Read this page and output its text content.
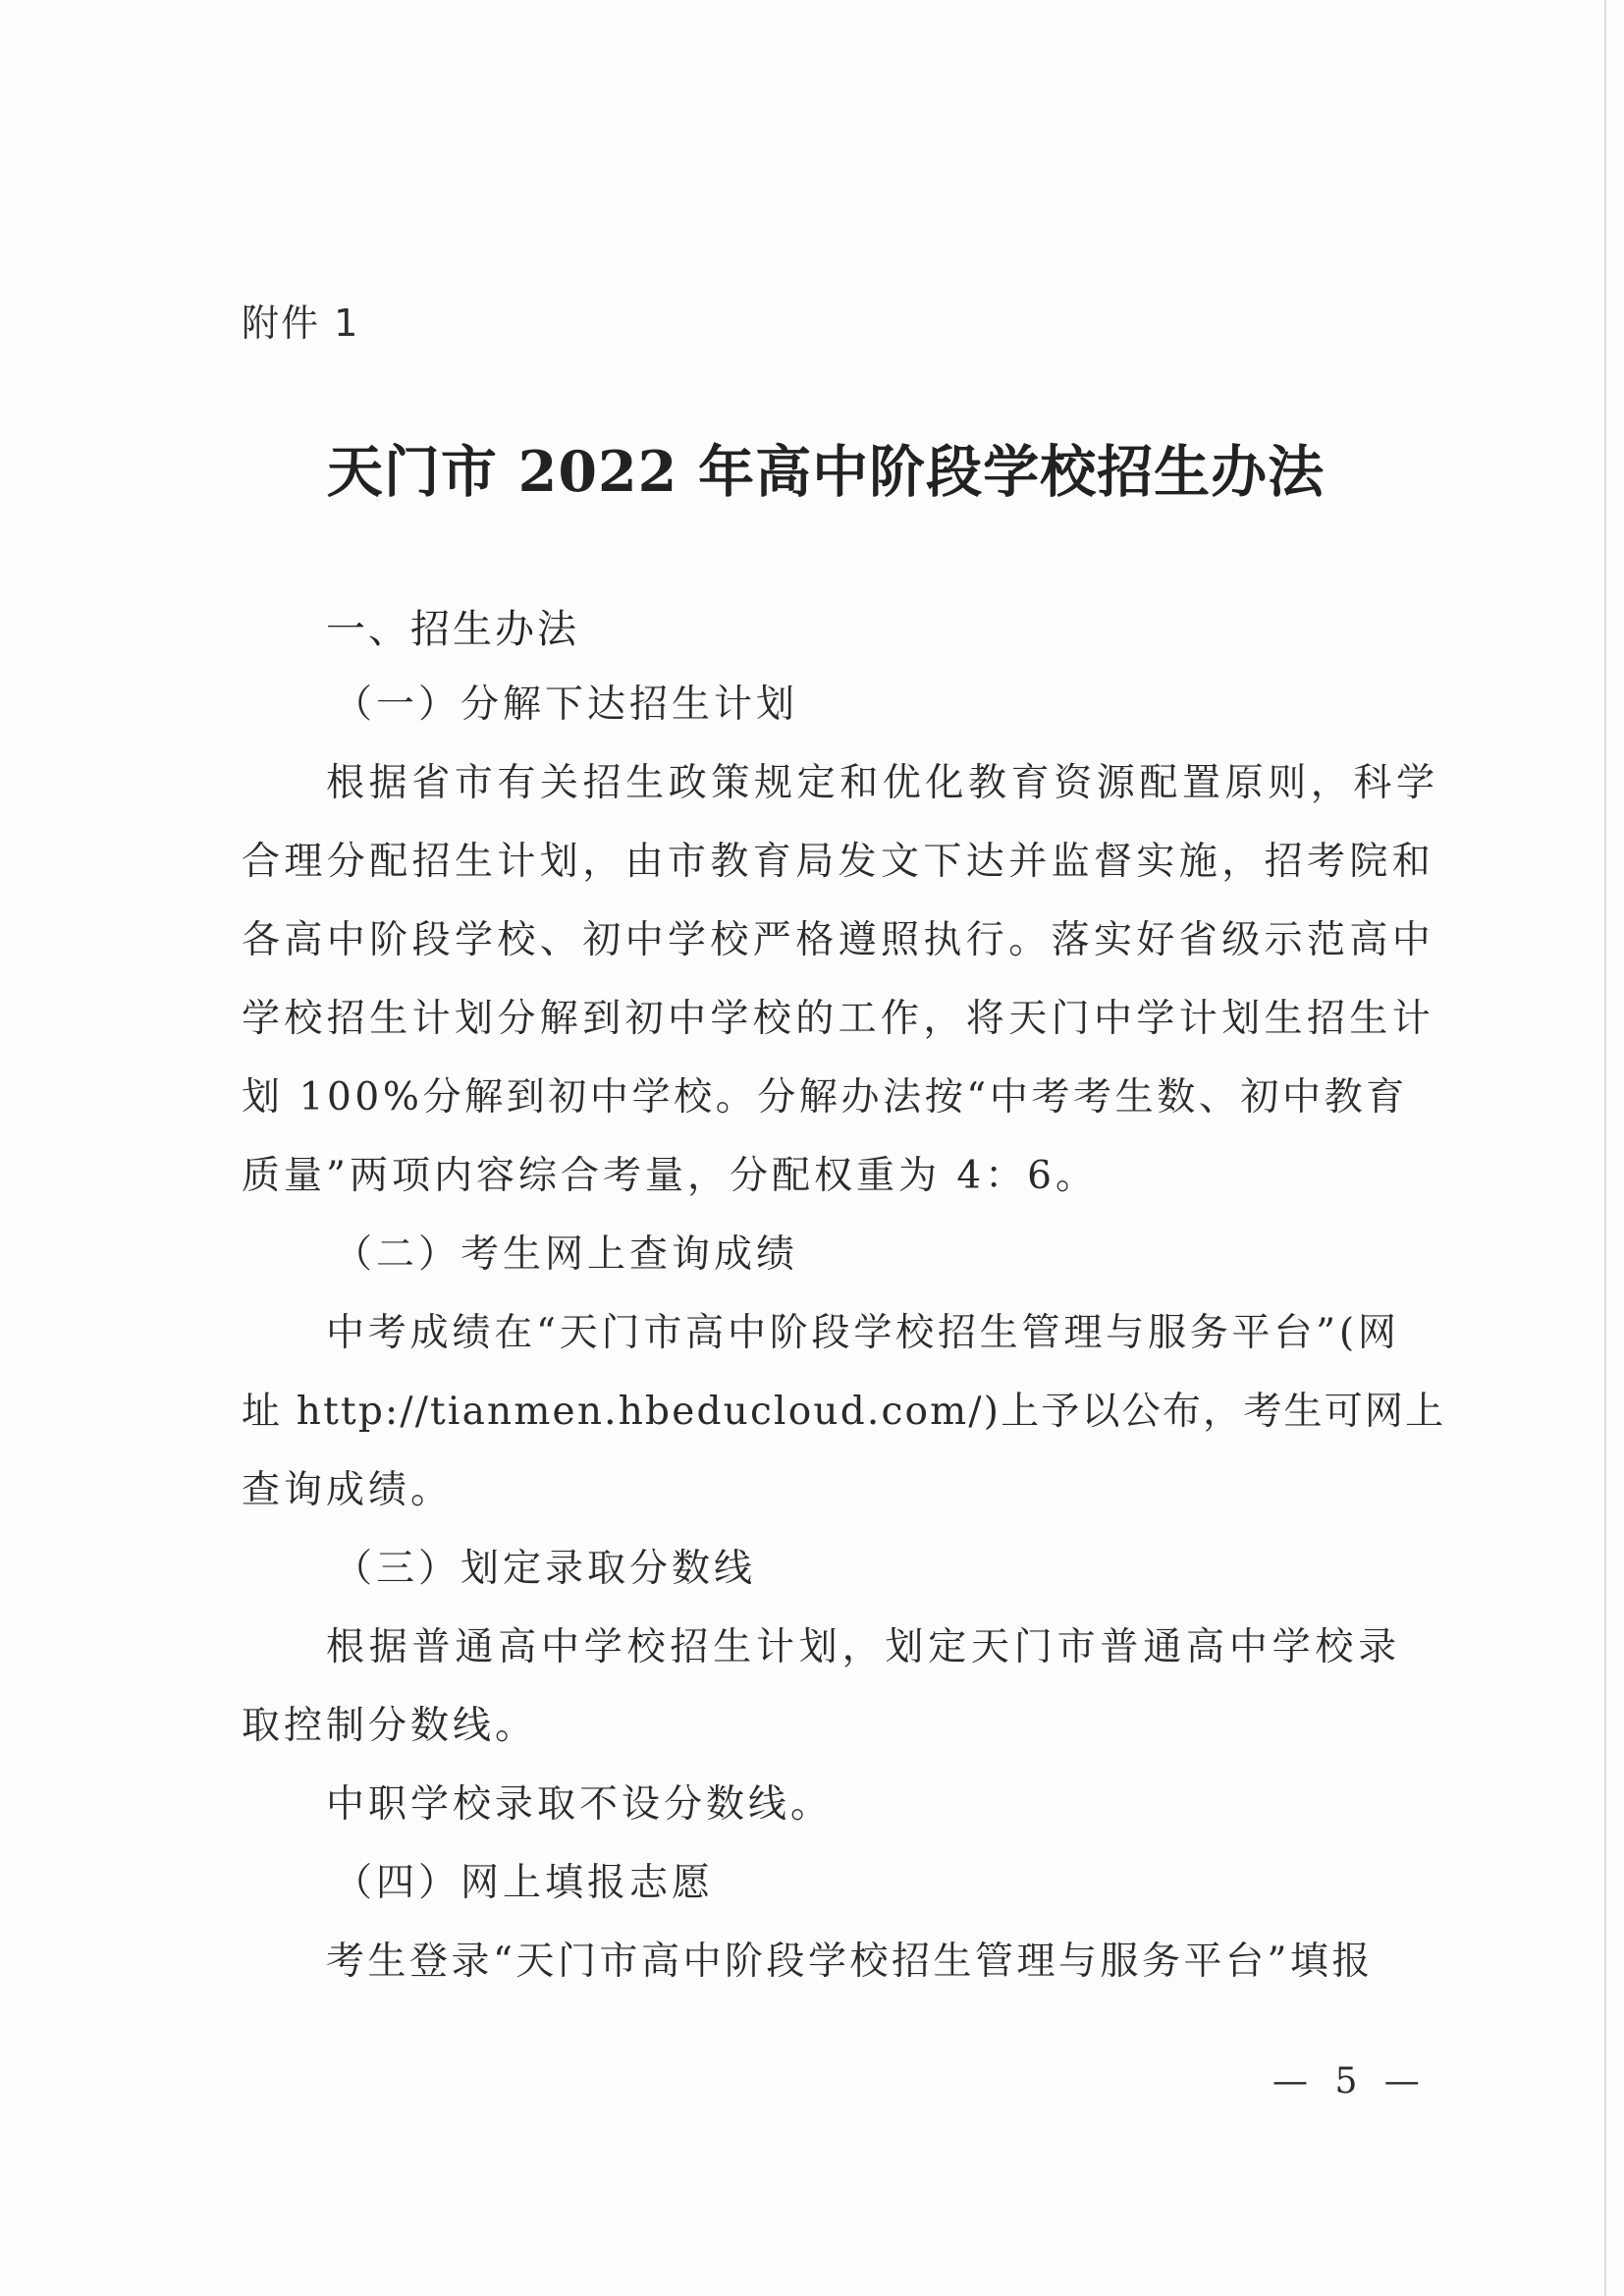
附件 1
天门市 2022 年高中阶段学校招生办法
一、招生办法
（一）分解下达招生计划
根据省市有关招生政策规定和优化教育资源配置原则，科学
合理分配招生计划，由市教育局发文下达并监督实施，招考院和
各高中阶段学校、初中学校严格遵照执行。落实好省级示范高中
学校招生计划分解到初中学校的工作，将天门中学计划生招生计
划 100%分解到初中学校。分解办法按“中考考生数、初中教育
质量”两项内容综合考量，分配权重为 4：6。
（二）考生网上查询成绩
中考成绩在“天门市高中阶段学校招生管理与服务平台”(网
址 http://tianmen.hbeducloud.com/)上予以公布，考生可网上
查询成绩。
（三）划定录取分数线
根据普通高中学校招生计划，划定天门市普通高中学校录
取控制分数线。
中职学校录取不设分数线。
（四）网上填报志愿
考生登录“天门市高中阶段学校招生管理与服务平台”填报
— 5 —
